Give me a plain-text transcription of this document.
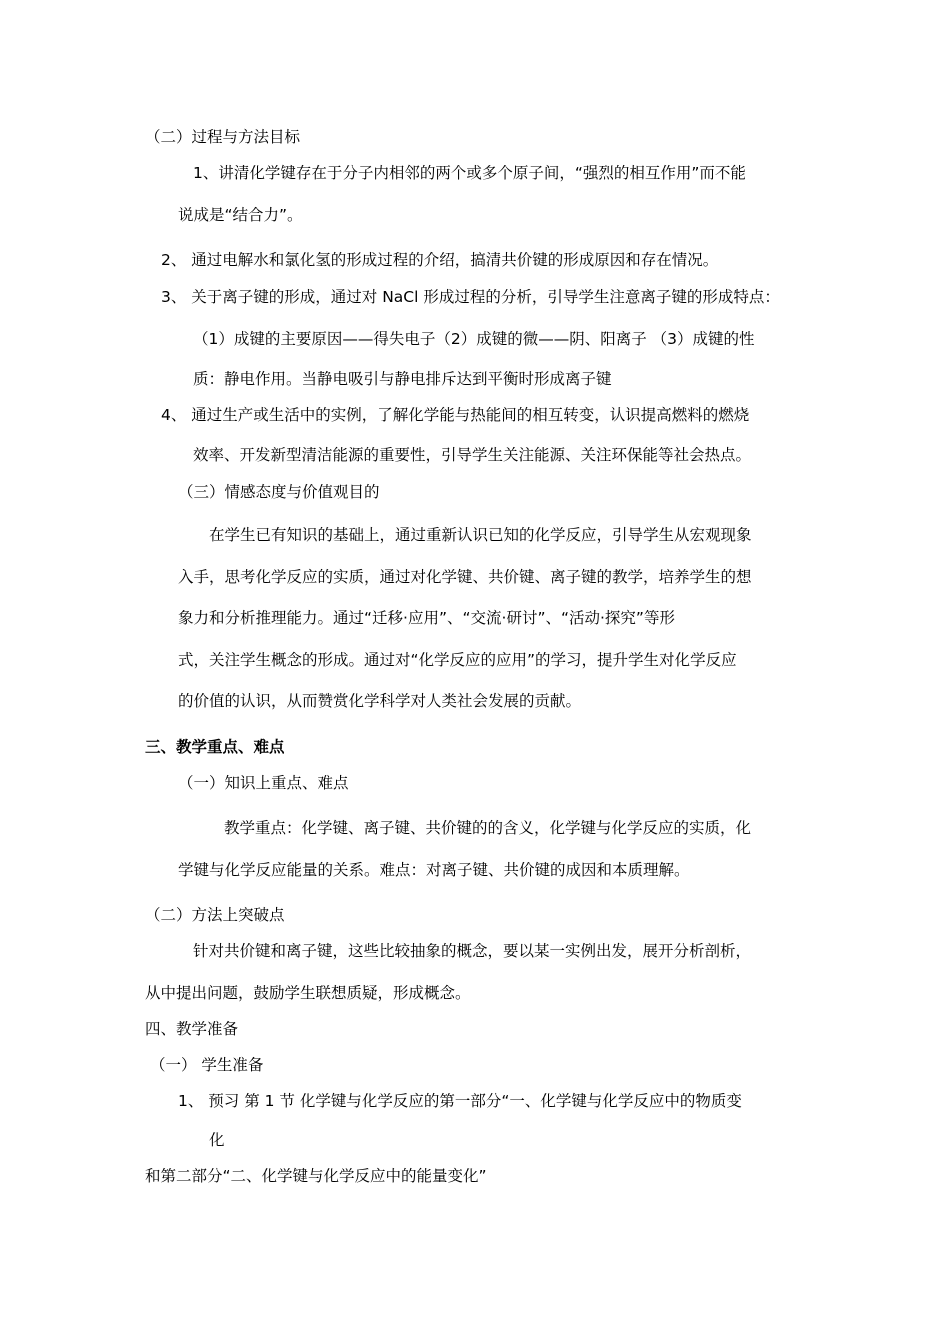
（二）过程与方法目标
1、讲清化学键存在于分子内相邻的两个或多个原子间，“强烈的相互作用”而不能
说成是“结合力”。
2、 通过电解水和氯化氢的形成过程的介绍，搞清共价键的形成原因和存在情况。
3、 关于离子键的形成，通过对 NaCl 形成过程的分析，引导学生注意离子键的形成特点：
（1）成键的主要原因——得失电子（2）成键的微——阴、阳离子 （3）成键的性
质：静电作用。当静电吸引与静电排斥达到平衡时形成离子键
4、 通过生产或生活中的实例，了解化学能与热能间的相互转变，认识提高燃料的燃烧
效率、开发新型清洁能源的重要性，引导学生关注能源、关注环保能等社会热点。
（三）情感态度与价值观目的
在学生已有知识的基础上，通过重新认识已知的化学反应，引导学生从宏观现象
入手，思考化学反应的实质，通过对化学键、共价键、离子键的教学，培养学生的想
象力和分析推理能力。通过“迁移·应用”、“交流·研讨”、“活动·探究”等形
式，关注学生概念的形成。通过对“化学反应的应用”的学习，提升学生对化学反应
的价值的认识，从而赞赏化学科学对人类社会发展的贡献。
三、教学重点、难点
（一）知识上重点、难点
教学重点：化学键、离子键、共价键的的含义，化学键与化学反应的实质，化
学键与化学反应能量的关系。难点：对离子键、共价键的成因和本质理解。
（二）方法上突破点
针对共价键和离子键，这些比较抽象的概念，要以某一实例出发，展开分析剖析，
从中提出问题，鼓励学生联想质疑，形成概念。
四、教学准备
（一） 学生准备
1、 预习 第 1 节 化学键与化学反应的第一部分“一、化学键与化学反应中的物质变
化
和第二部分“二、化学键与化学反应中的能量变化”
